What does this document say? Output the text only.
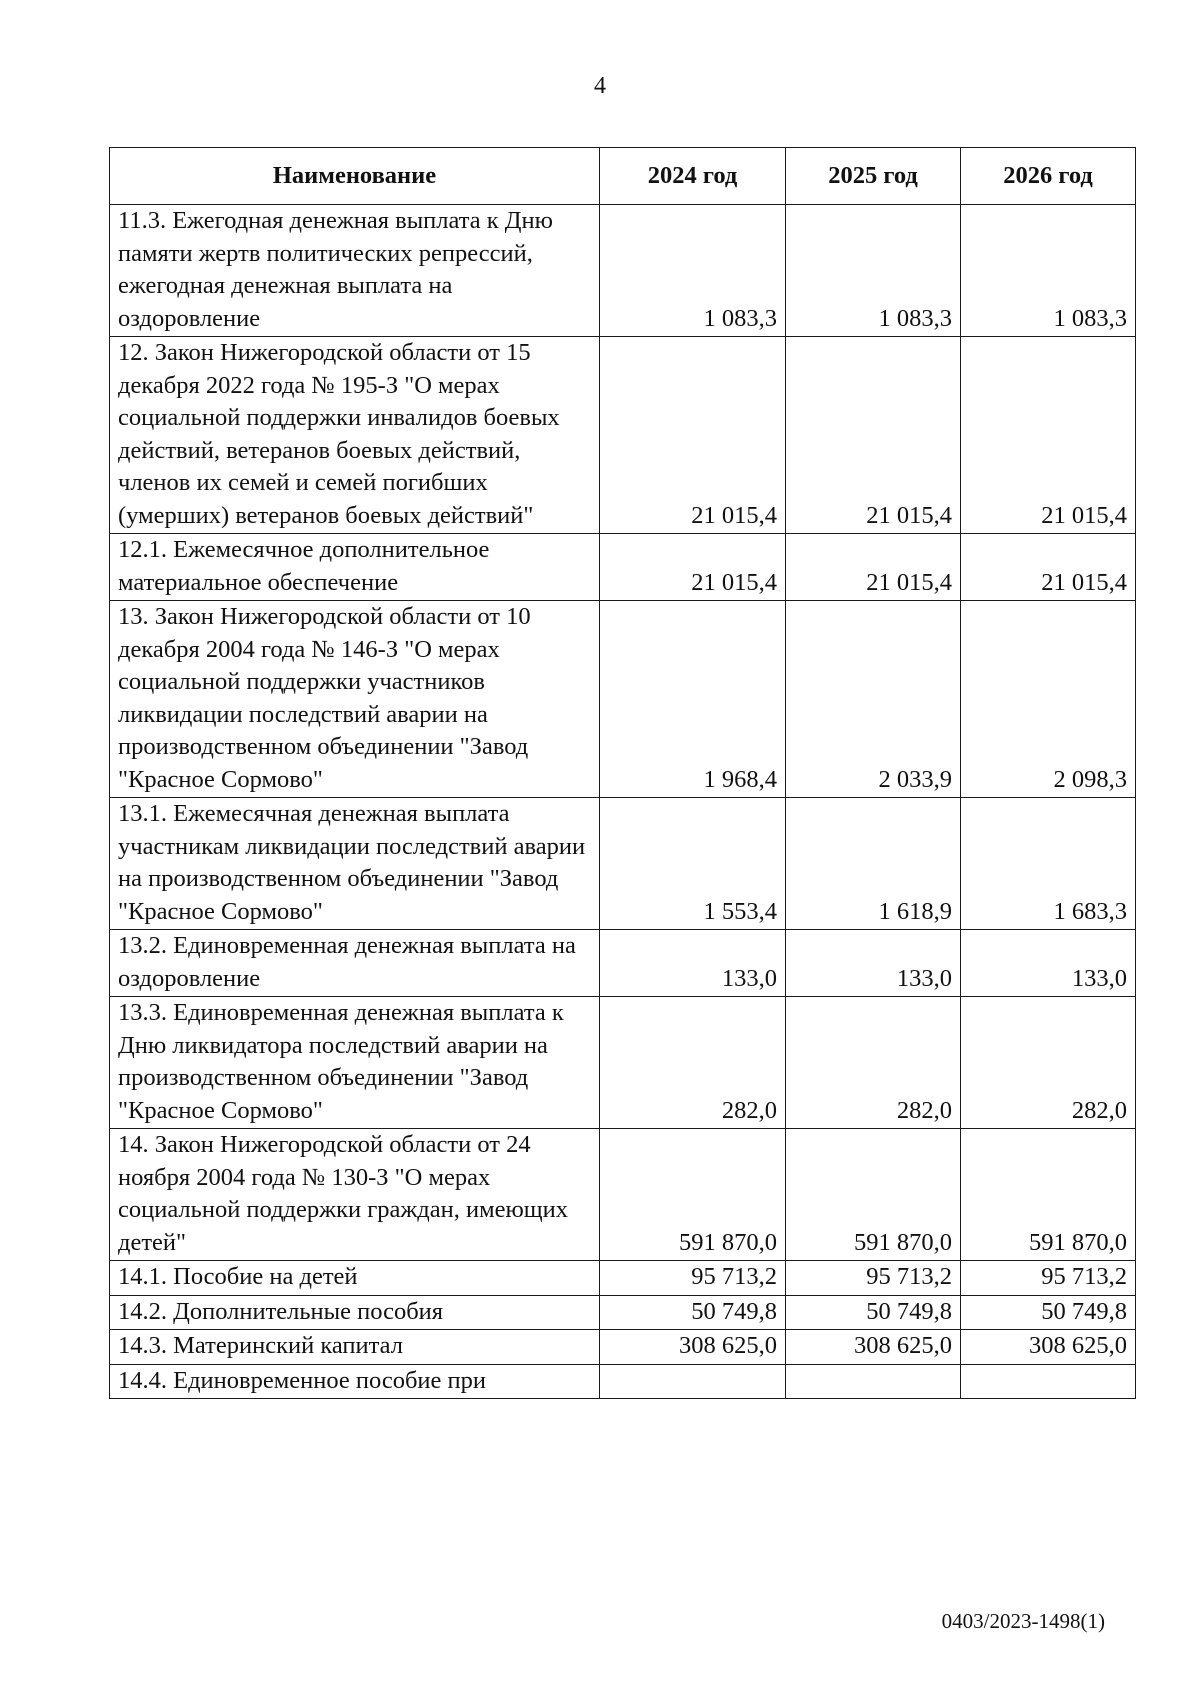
4
Наименование	2024 год	2025 год	2026 год
11.3. Ежегодная денежная выплата к Дню памяти жертв политических репрессий, ежегодная денежная выплата на оздоровление	1 083,3	1 083,3	1 083,3
12. Закон Нижегородской области от 15 декабря 2022 года № 195-З "О мерах социальной поддержки инвалидов боевых действий, ветеранов боевых действий, членов их семей и семей погибших (умерших) ветеранов боевых действий"	21 015,4	21 015,4	21 015,4
12.1. Ежемесячное дополнительное материальное обеспечение	21 015,4	21 015,4	21 015,4
13. Закон Нижегородской области от 10 декабря 2004 года № 146-З "О мерах социальной поддержки участников ликвидации последствий аварии на производственном объединении "Завод "Красное Сормово"	1 968,4	2 033,9	2 098,3
13.1. Ежемесячная денежная выплата участникам ликвидации последствий аварии на производственном объединении "Завод "Красное Сормово"	1 553,4	1 618,9	1 683,3
13.2. Единовременная денежная выплата на оздоровление	133,0	133,0	133,0
13.3. Единовременная денежная выплата к Дню ликвидатора последствий аварии на производственном объединении "Завод "Красное Сормово"	282,0	282,0	282,0
14. Закон Нижегородской области от 24 ноября 2004 года № 130-З "О мерах социальной поддержки граждан, имеющих детей"	591 870,0	591 870,0	591 870,0
14.1. Пособие на детей	95 713,2	95 713,2	95 713,2
14.2. Дополнительные пособия	50 749,8	50 749,8	50 749,8
14.3. Материнский капитал	308 625,0	308 625,0	308 625,0
14.4. Единовременное пособие при			
0403/2023-1498(1)
